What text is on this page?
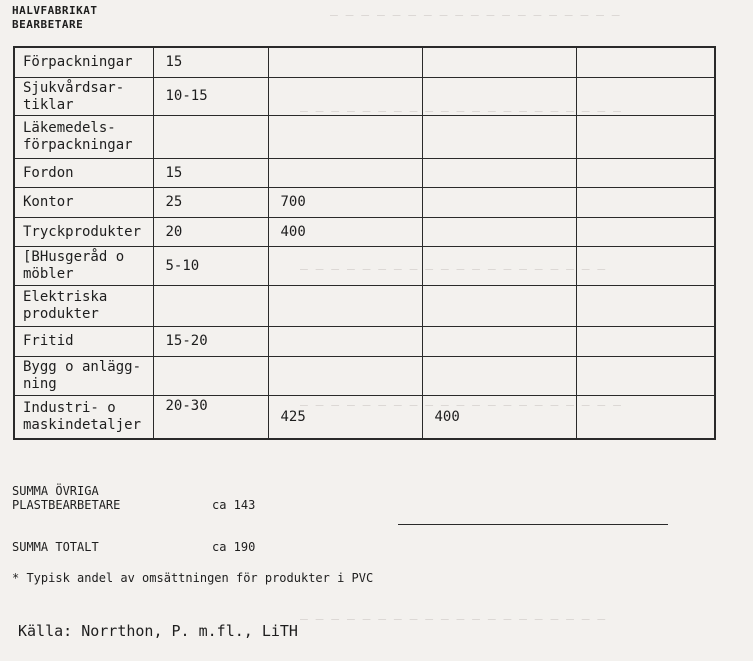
— — — — — — — — — — — — — — — — — — —
— — — — — — — — — — — — — — — — — — — — —
— — — — — — — — — — — — — — — — — — — —
— — — — — — — — — — — — — — — — — — — — —
— — — — — — — — — — — — — — — — — — — —
HALVFABRIKAT
BEARBETARE
Förpackningar	15			

Sjukvårdsar-
tiklar	10-15			

Läkemedels-
förpackningar				

Fordon	15			

Kontor	25	700		

Tryckprodukter	20	400		

[BHusgeråd o
möbler	5-10			

Elektriska
produkter				

Fritid	15-20			

Bygg o anlägg-
ning				

Industri- o
maskindetaljer	20-30	425	400	
SUMMA ÖVRIGA
PLASTBEARBETARE	ca 143
SUMMA TOTALT	ca 190
* Typisk andel av omsättningen för produkter i PVC
Källa: Norrthon, P. m.fl., LiTH
